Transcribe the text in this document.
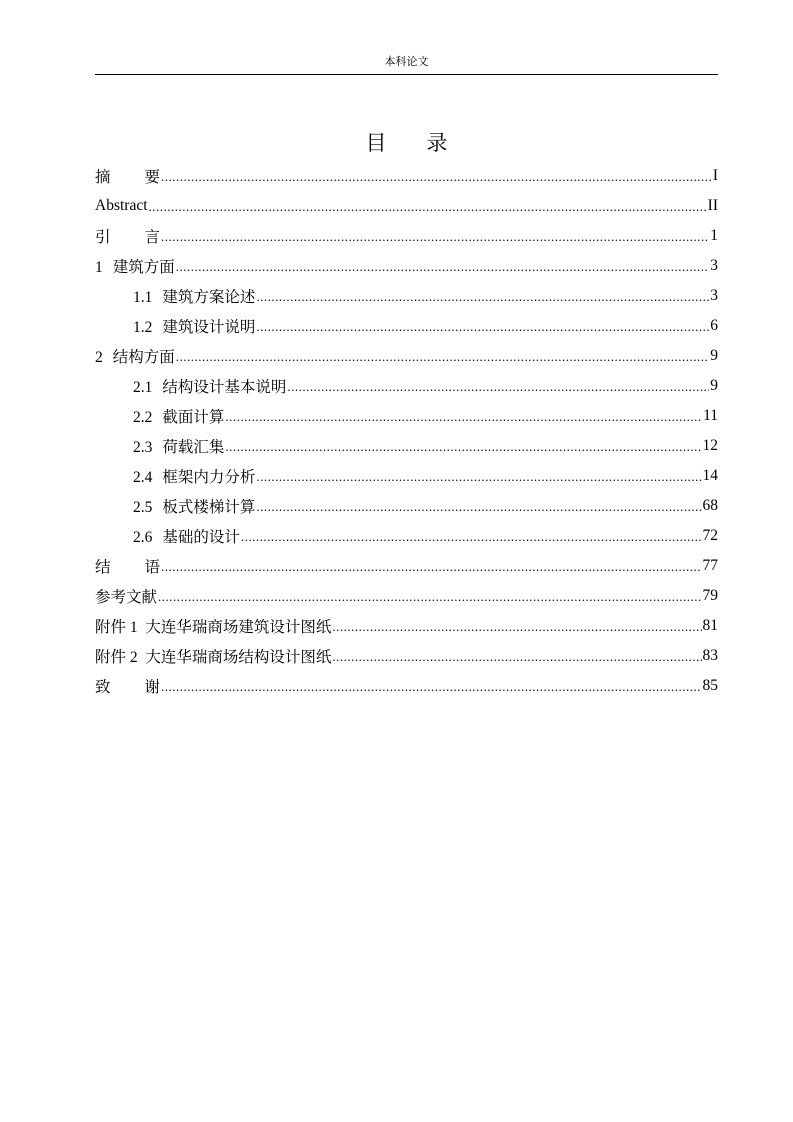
本科论文
目 录
摘要 .....	I
Abstract .....	II
引言 .....	1
1 建筑方面 .....	3
1.1 建筑方案论述 .....	3
1.2 建筑设计说明 .....	6
2 结构方面 .....	9
2.1 结构设计基本说明 .....	9
2.2 截面计算 .....	11
2.3 荷载汇集 .....	12
2.4 框架内力分析 .....	14
2.5 板式楼梯计算 .....	68
2.6 基础的设计 .....	72
结语 .....	77
参考文献 .....	79
附件 1  大连华瑞商场建筑设计图纸 .....	81
附件 2  大连华瑞商场结构设计图纸 .....	83
致谢 .....	85
